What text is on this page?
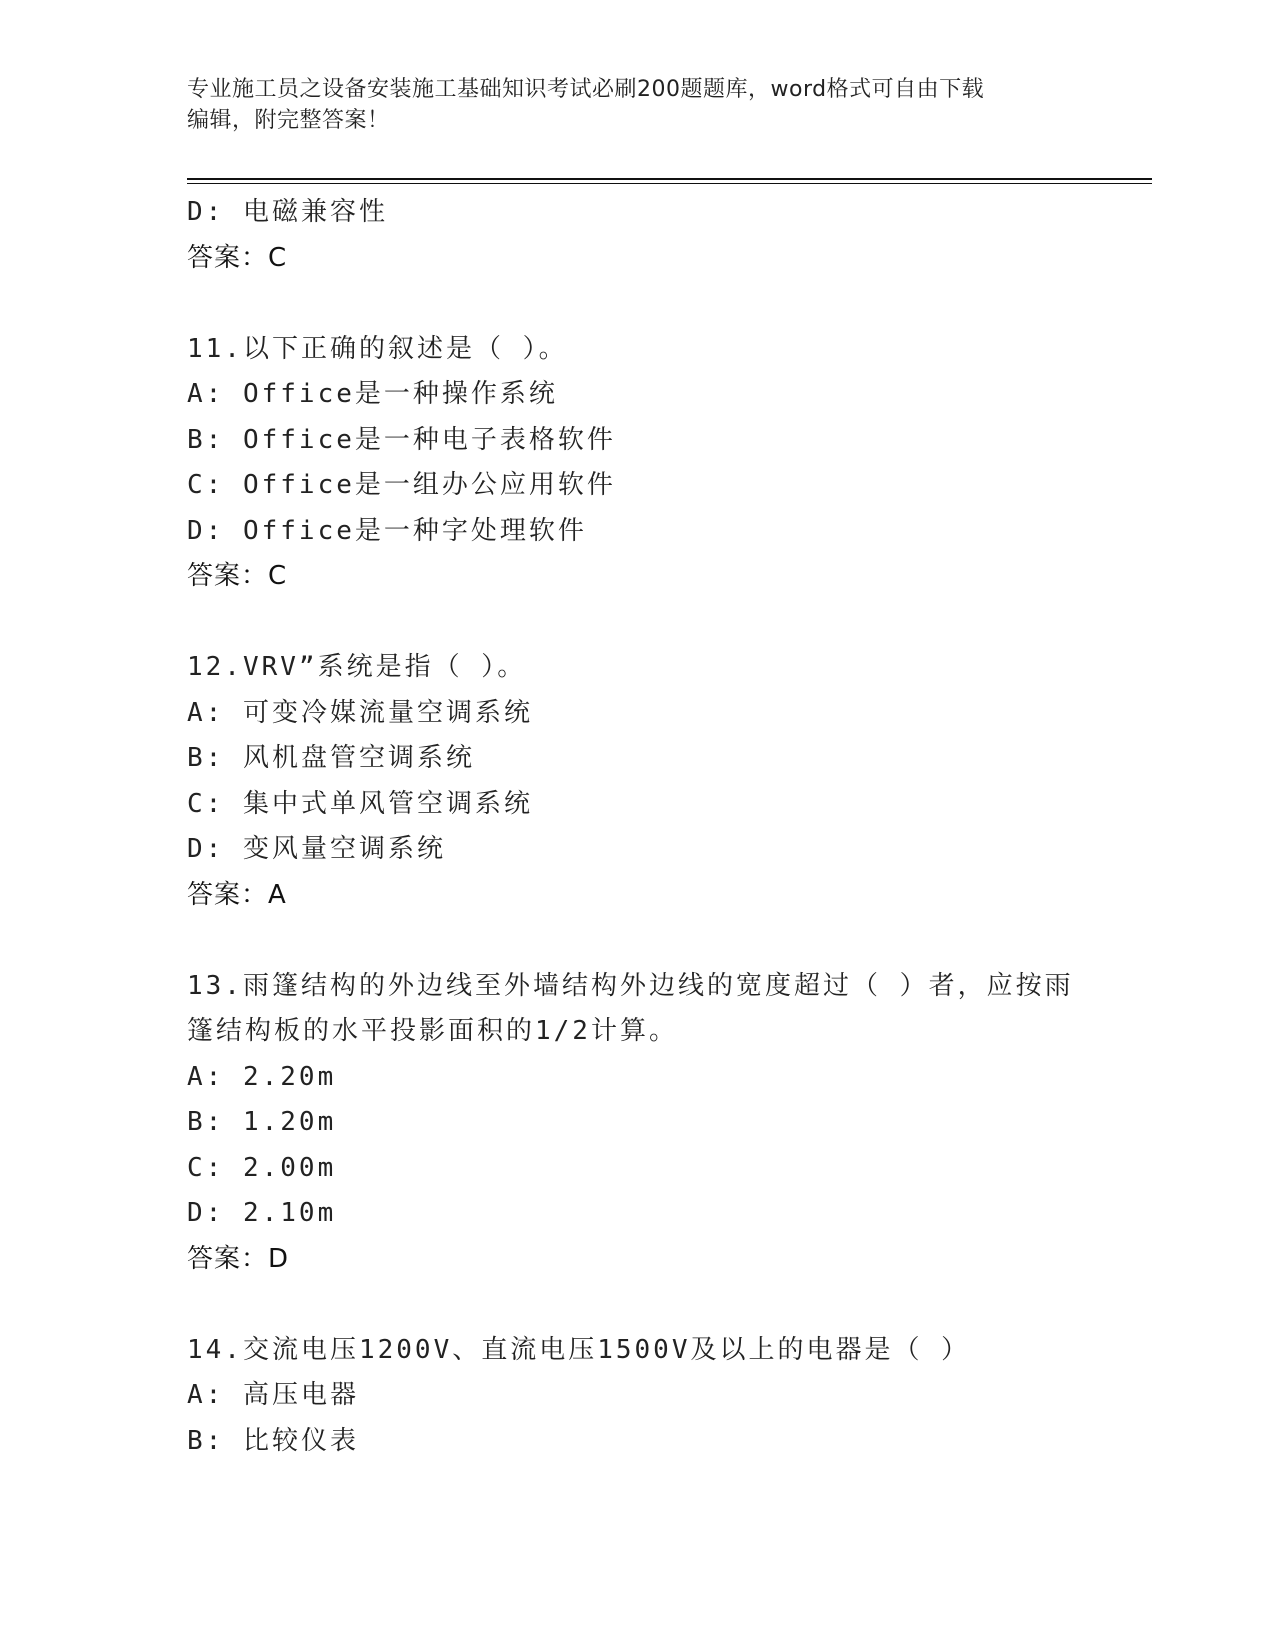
专业施工员之设备安装施工基础知识考试必刷200题题库，word格式可自由下载
编辑，附完整答案！
D: 电磁兼容性
答案：C
11.以下正确的叙述是（ ）。
A: Office是一种操作系统
B: Office是一种电子表格软件
C: Office是一组办公应用软件
D: Office是一种字处理软件
答案：C
12.VRV”系统是指（ ）。
A: 可变冷媒流量空调系统
B: 风机盘管空调系统
C: 集中式单风管空调系统
D: 变风量空调系统
答案：A
13.雨篷结构的外边线至外墙结构外边线的宽度超过（ ）者，应按雨
篷结构板的水平投影面积的1/2计算。
A: 2.20m
B: 1.20m
C: 2.00m
D: 2.10m
答案：D
14.交流电压1200V、直流电压1500V及以上的电器是（ ）
A: 高压电器
B: 比较仪表
